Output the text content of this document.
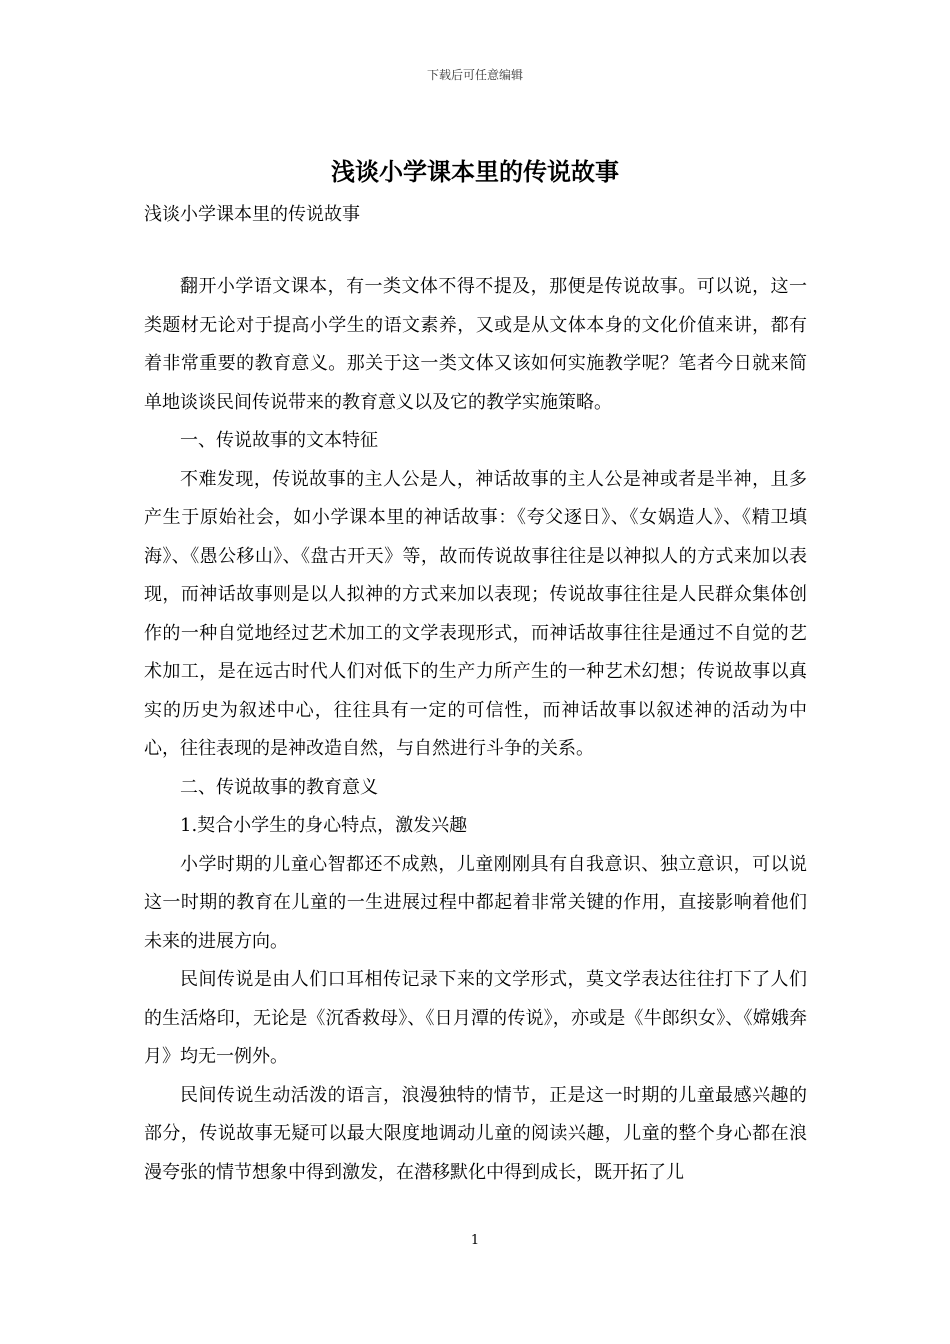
下载后可任意编辑
浅谈小学课本里的传说故事

浅谈小学课本里的传说故事

翻开小学语文课本，有一类文体不得不提及，那便是传说故事。可以说，这一类题材无论对于提高小学生的语文素养，又或是从文体本身的文化价值来讲，都有着非常重要的教育意义。那关于这一类文体又该如何实施教学呢？笔者今日就来简单地谈谈民间传说带来的教育意义以及它的教学实施策略。

一、传说故事的文本特征

不难发现，传说故事的主人公是人，神话故事的主人公是神或者是半神，且多产生于原始社会，如小学课本里的神话故事：《夸父逐日》、《女娲造人》、《精卫填海》、《愚公移山》、《盘古开天》等，故而传说故事往往是以神拟人的方式来加以表现，而神话故事则是以人拟神的方式来加以表现；传说故事往往是人民群众集体创作的一种自觉地经过艺术加工的文学表现形式，而神话故事往往是通过不自觉的艺术加工，是在远古时代人们对低下的生产力所产生的一种艺术幻想；传说故事以真实的历史为叙述中心，往往具有一定的可信性，而神话故事以叙述神的活动为中心，往往表现的是神改造自然，与自然进行斗争的关系。

二、传说故事的教育意义

1.契合小学生的身心特点，激发兴趣

小学时期的儿童心智都还不成熟，儿童刚刚具有自我意识、独立意识，可以说这一时期的教育在儿童的一生进展过程中都起着非常关键的作用，直接影响着他们未来的进展方向。

民间传说是由人们口耳相传记录下来的文学形式，莫文学表达往往打下了人们的生活烙印，无论是《沉香救母》、《日月潭的传说》，亦或是《牛郎织女》、《嫦娥奔月》均无一例外。

民间传说生动活泼的语言，浪漫独特的情节，正是这一时期的儿童最感兴趣的部分，传说故事无疑可以最大限度地调动儿童的阅读兴趣，儿童的整个身心都在浪漫夸张的情节想象中得到激发，在潜移默化中得到成长，既开拓了儿

1
